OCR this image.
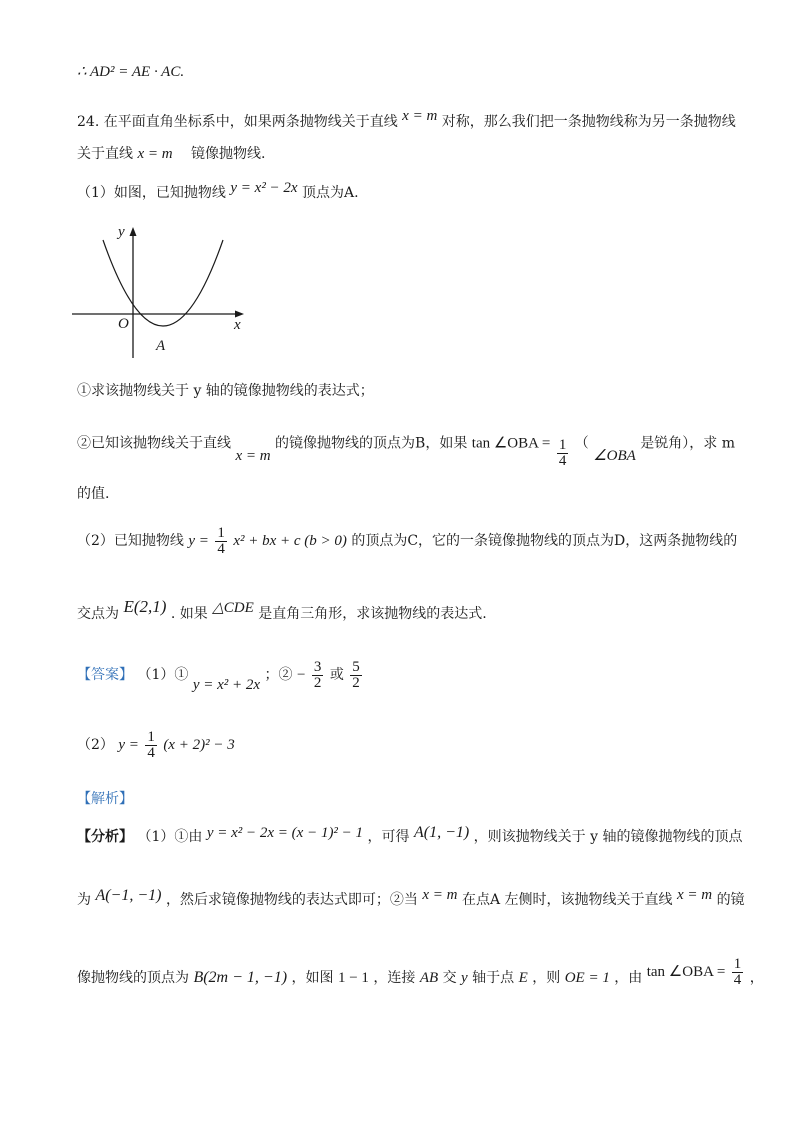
∴ AD² = AE · AC.
24. 在平面直角坐标系中，如果两条抛物线关于直线 x = m 对称，那么我们把一条抛物线称为另一条抛物线
关于直线 x = m 镜像抛物线.
（1）如图，已知抛物线 y = x² − 2x 顶点为A.
y
x
O
A
①求该抛物线关于 y 轴的镜像抛物线的表达式；
②已知该抛物线关于直线 x = m 的镜像抛物线的顶点为B，如果 tan ∠OBA = $\frac{1}{4}$ （ ∠OBA 是锐角），求 m
的值.
（2）已知抛物线 $y = \frac{1}{4} x^2$ + bx + c (b > 0) 的顶点为C，它的一条镜像抛物线的顶点为D，这两条抛物线的
交点为 E(2,1) . 如果 △CDE 是直角三角形，求该抛物线的表达式.
【答案】 （1）① y = x² + 2x ；② − $\frac{3}{2}$ 或 $\frac{5}{2}$
（2） $y = \frac{1}{4} (x + 2)^2 - 3$
【解析】
【分析】 （1）①由 y = x² − 2x = (x − 1)² − 1 ，可得 A(1, −1) ，则该抛物线关于 y 轴的镜像抛物线的顶点
为 A(−1, −1) ，然后求镜像抛物线的表达式即可；②当 x = m 在点A 左侧时，该抛物线关于直线 x = m 的镜
像抛物线的顶点为 B(2m − 1, −1) ，如图 1 − 1 ，连接 AB 交 y 轴于点 E ，则 OE = 1 ，由 tan ∠OBA = $\frac{1}{4}$ ，
